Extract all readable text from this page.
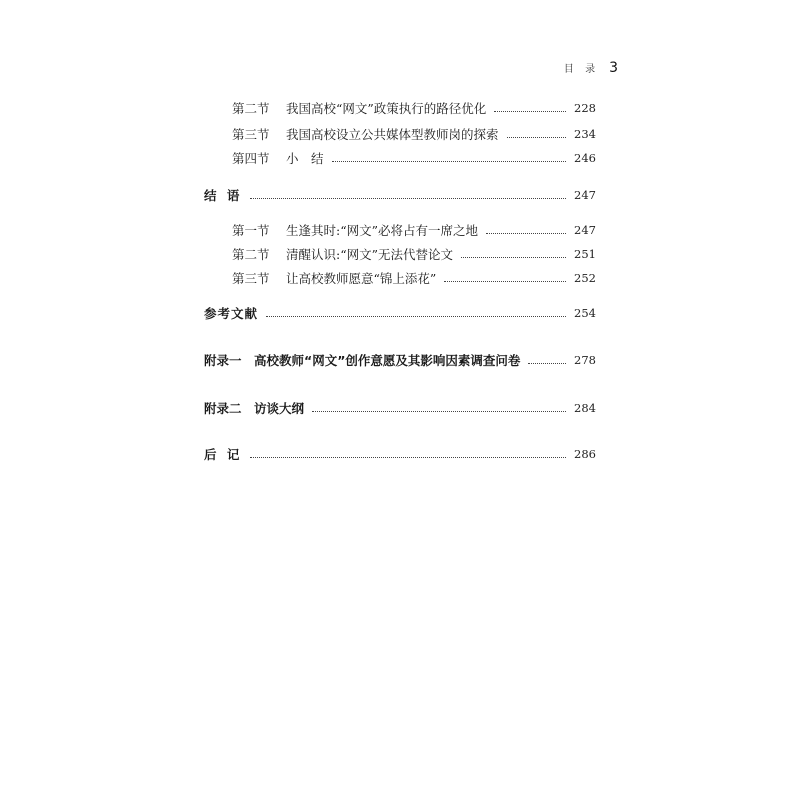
目 录 3
第二节	我国高校“网文”政策执行的路径优化	228
第三节	我国高校设立公共媒体型教师岗的探索	234
第四节	小　结	246
结 语	247
第一节	生逢其时:“网文”必将占有一席之地	247
第二节	清醒认识:“网文”无法代替论文	251
第三节	让高校教师愿意“锦上添花”	252
参考文献	254
附录一　高校教师“网文”创作意愿及其影响因素调查问卷	278
附录二　访谈大纲	284
后 记	286
